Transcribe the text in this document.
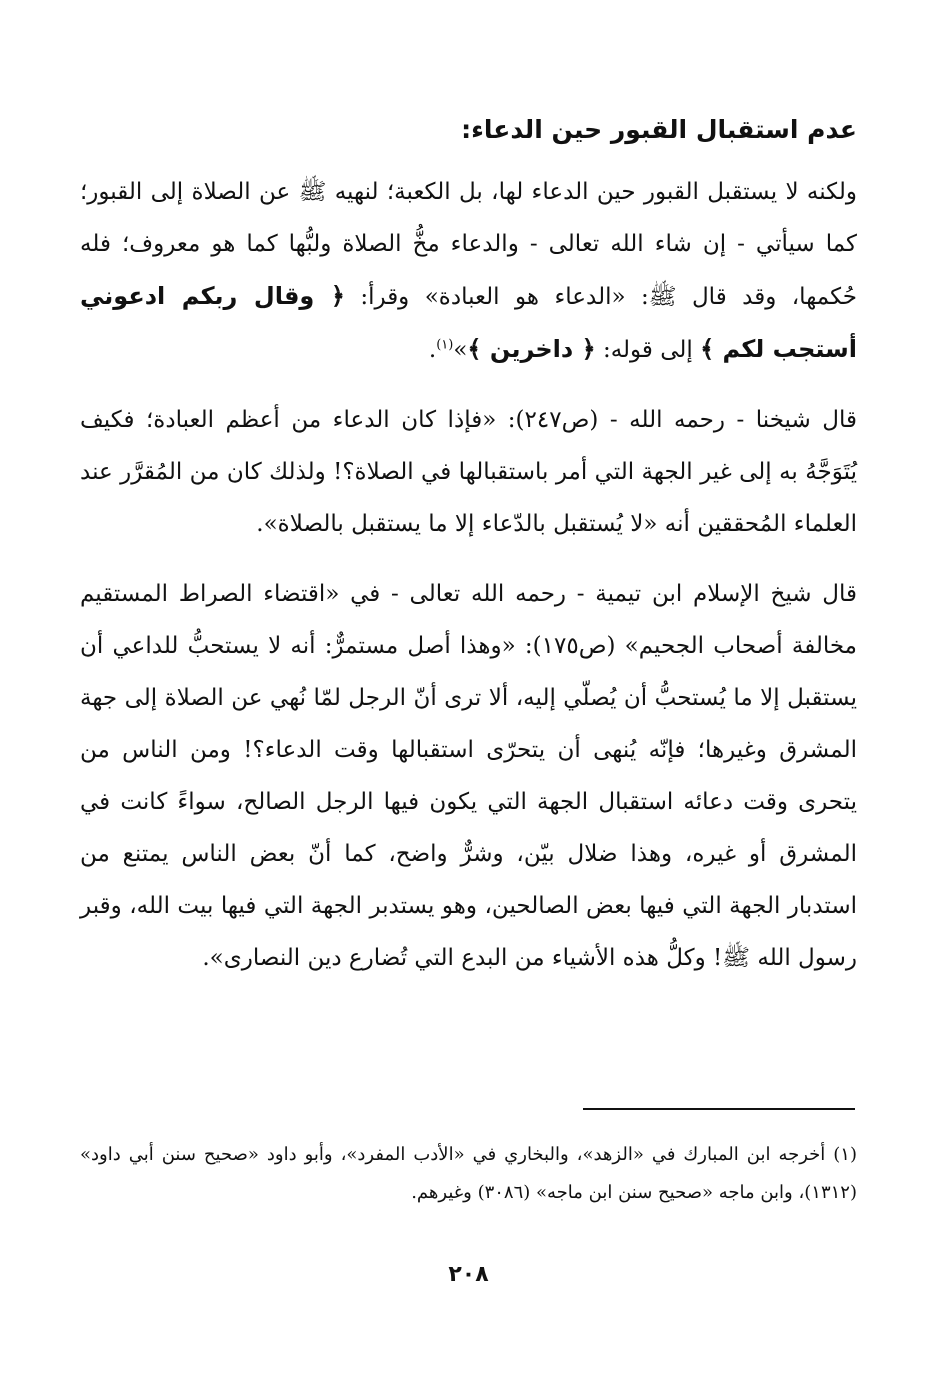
عدم استقبال القبور حين الدعاء:

ولكنه لا يستقبل القبور حين الدعاء لها، بل الكعبة؛ لنهيه ﷺ عن الصلاة إلى القبور؛ كما سيأتي - إن شاء الله تعالى - والدعاء مخُّ الصلاة ولبُّها كما هو معروف؛ فله حُكمها، وقد قال ﷺ: «الدعاء هو العبادة» وقرأ: ﴿ وقال ربكم ادعوني أستجب لكم ﴾ إلى قوله: ﴿ داخرين ﴾»$^{(١)}$.

قال شيخنا - رحمه الله - (ص٢٤٧): «فإذا كان الدعاء من أعظم العبادة؛ فكيف يُتَوَجَّهُ به إلى غير الجهة التي أمر باستقبالها في الصلاة؟! ولذلك كان من المُقرَّر عند العلماء المُحققين أنه «لا يُستقبل بالدّعاء إلا ما يستقبل بالصلاة».

قال شيخ الإسلام ابن تيمية - رحمه الله تعالى - في «اقتضاء الصراط المستقيم مخالفة أصحاب الجحيم» (ص١٧٥): «وهذا أصل مستمرٌّ: أنه لا يستحبُّ للداعي أن يستقبل إلا ما يُستحبُّ أن يُصلّي إليه، ألا ترى أنّ الرجل لمّا نُهي عن الصلاة إلى جهة المشرق وغيرها؛ فإنّه يُنهى أن يتحرّى استقبالها وقت الدعاء؟! ومن الناس من يتحرى وقت دعائه استقبال الجهة التي يكون فيها الرجل الصالح، سواءً كانت في المشرق أو غيره، وهذا ضلال بيّن، وشرٌّ واضح، كما أنّ بعض الناس يمتنع من استدبار الجهة التي فيها بعض الصالحين، وهو يستدبر الجهة التي فيها بيت الله، وقبر رسول الله ﷺ! وكلُّ هذه الأشياء من البدع التي تُضارع دين النصارى».

(١) أخرجه ابن المبارك في «الزهد»، والبخاري في «الأدب المفرد»، وأبو داود «صحيح سنن أبي داود» (١٣١٢)، وابن ماجه «صحيح سنن ابن ماجه» (٣٠٨٦) وغيرهم.
٢٠٨
